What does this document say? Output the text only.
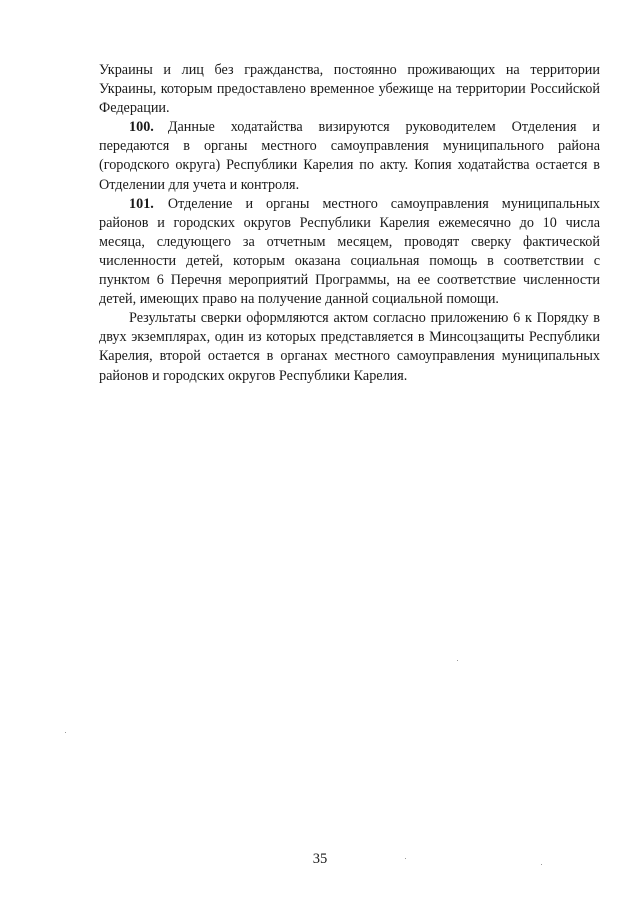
Украины и лиц без гражданства, постоянно проживающих на территории Украины, которым предоставлено временное убежище на территории Российской Федерации.

100. Данные ходатайства визируются руководителем Отделения и передаются в органы местного самоуправления муниципального района (городского округа) Республики Карелия по акту. Копия ходатайства остается в Отделении для учета и контроля.

101. Отделение и органы местного самоуправления муниципальных районов и городских округов Республики Карелия ежемесячно до 10 числа месяца, следующего за отчетным месяцем, проводят сверку фактической численности детей, которым оказана социальная помощь в соответствии с пунктом 6 Перечня мероприятий Программы, на ее соответствие численности детей, имеющих право на получение данной социальной помощи.

Результаты сверки оформляются актом согласно приложению 6 к Порядку в двух экземплярах, один из которых представляется в Минсоцзащиты Республики Карелия, второй остается в органах местного самоуправления муниципальных районов и городских округов Республики Карелия.

35
